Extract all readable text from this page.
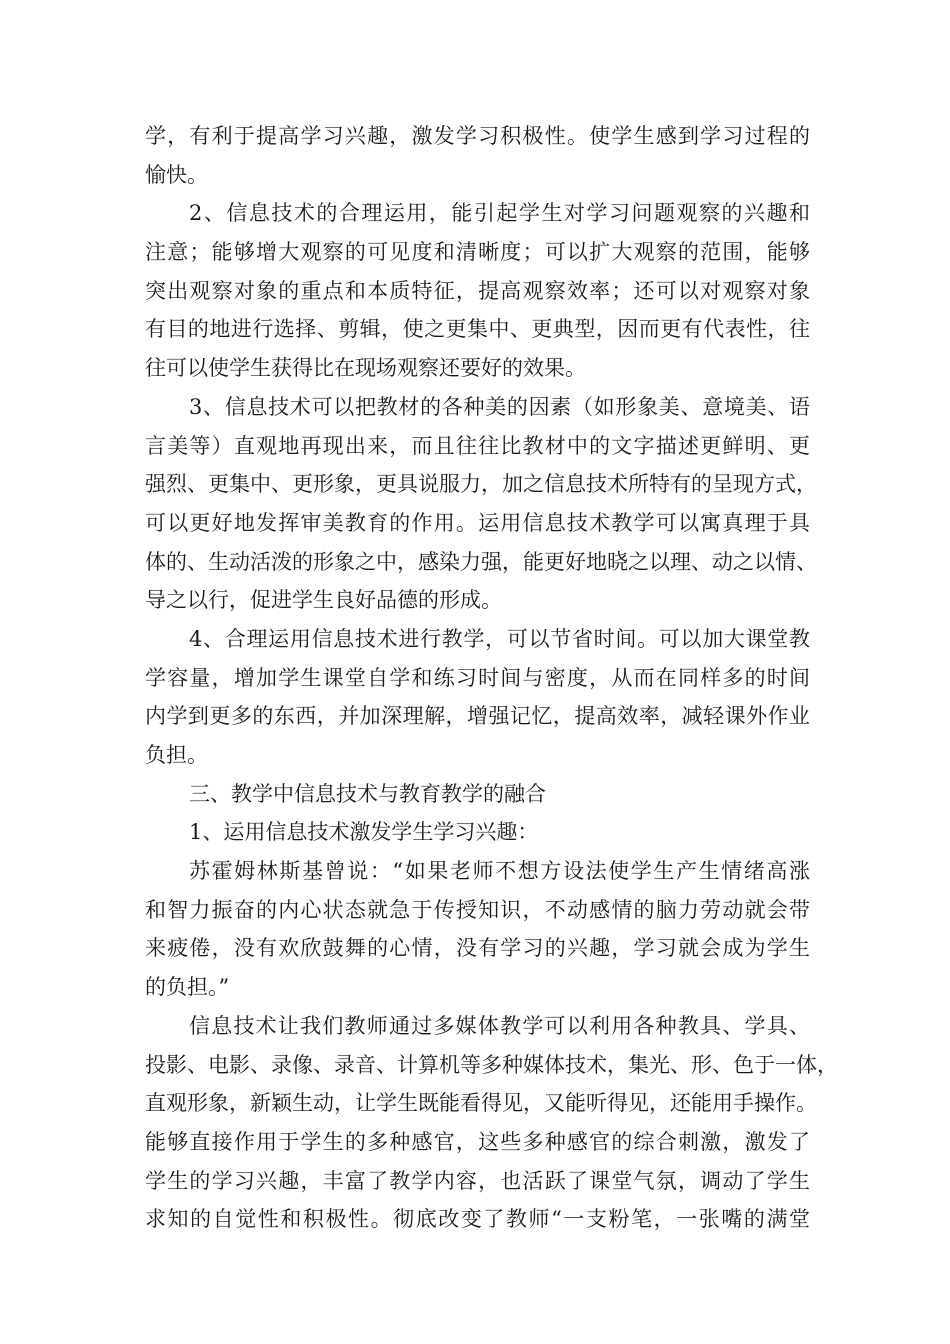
学，有利于提高学习兴趣，激发学习积极性。使学生感到学习过程的
愉快。
2、信息技术的合理运用，能引起学生对学习问题观察的兴趣和
注意；能够增大观察的可见度和清晰度；可以扩大观察的范围，能够
突出观察对象的重点和本质特征，提高观察效率；还可以对观察对象
有目的地进行选择、剪辑，使之更集中、更典型，因而更有代表性，往
往可以使学生获得比在现场观察还要好的效果。
3、信息技术可以把教材的各种美的因素（如形象美、意境美、语
言美等）直观地再现出来，而且往往比教材中的文字描述更鲜明、更
强烈、更集中、更形象，更具说服力，加之信息技术所特有的呈现方式，
可以更好地发挥审美教育的作用。运用信息技术教学可以寓真理于具
体的、生动活泼的形象之中，感染力强，能更好地晓之以理、动之以情、
导之以行，促进学生良好品德的形成。
4、合理运用信息技术进行教学，可以节省时间。可以加大课堂教
学容量，增加学生课堂自学和练习时间与密度，从而在同样多的时间
内学到更多的东西，并加深理解，增强记忆，提高效率，减轻课外作业
负担。
三、教学中信息技术与教育教学的融合
1、运用信息技术激发学生学习兴趣：
苏霍姆林斯基曾说：“如果老师不想方设法使学生产生情绪高涨
和智力振奋的内心状态就急于传授知识，不动感情的脑力劳动就会带
来疲倦，没有欢欣鼓舞的心情，没有学习的兴趣，学习就会成为学生
的负担。”
信息技术让我们教师通过多媒体教学可以利用各种教具、学具、
投影、电影、录像、录音、计算机等多种媒体技术，集光、形、色于一体，
直观形象，新颖生动，让学生既能看得见，又能听得见，还能用手操作。
能够直接作用于学生的多种感官，这些多种感官的综合刺激，激发了
学生的学习兴趣，丰富了教学内容，也活跃了课堂气氛，调动了学生
求知的自觉性和积极性。彻底改变了教师“一支粉笔，一张嘴的满堂
